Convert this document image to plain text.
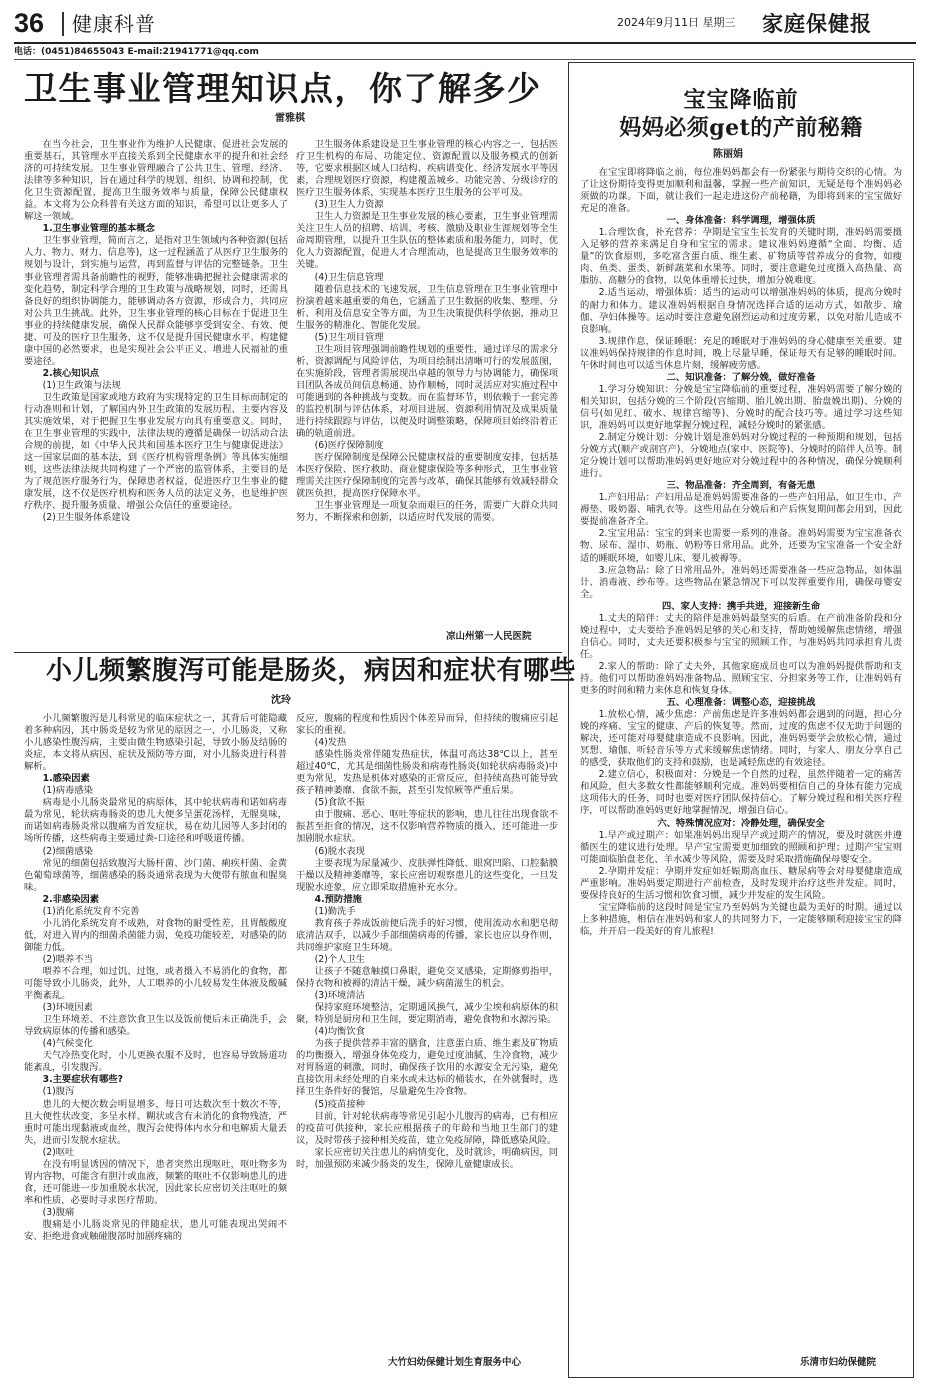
36 健康科普	2024年9月11日 星期三 家庭保健报
电话：(0451)84655043 E-mail:21941771@qq.com
卫生事业管理知识点，你了解多少
雷雅棋

在当今社会，卫生事业作为维护人民健康、促进社会发展的重要基石，其管理水平直接关系到全民健康水平的提升和社会经济的可持续发展。卫生事业管理融合了公共卫生、管理、经济、法律等多种知识，旨在通过科学的规划、组织、协调和控制，优化卫生资源配置，提高卫生服务效率与质量，保障公民健康权益。本文将为公众科普有关这方面的知识，希望可以让更多人了解这一领域。

1.卫生事业管理的基本概念

卫生事业管理，简而言之，是指对卫生领域内各种资源(包括人力、物力、财力、信息等)，这一过程涵盖了从医疗卫生服务的规划与设计，到实施与运营，再到监督与评估的完整链条。卫生事业管理者需具备前瞻性的视野，能够准确把握社会健康需求的变化趋势，制定科学合理的卫生政策与战略规划，同时，还需具备良好的组织协调能力，能够调动各方资源，形成合力，共同应对公共卫生挑战。此外，卫生事业管理的核心目标在于促进卫生事业的持续健康发展，确保人民群众能够享受到安全、有效、便捷、可及的医疗卫生服务，这不仅是提升国民健康水平、构建健康中国的必然要求，也是实现社会公平正义、增进人民福祉的重要途径。

2.核心知识点

(1)卫生政策与法规

卫生政策是国家或地方政府为实现特定的卫生目标而制定的行动准则和计划，了解国内外卫生政策的发展历程、主要内容及其实施效果，对于把握卫生事业发展方向具有重要意义。同时，在卫生事业管理的实践中，法律法规的遵循是确保一切活动合法合规的前提，如《中华人民共和国基本医疗卫生与健康促进法》这一国家层面的基本法，到《医疗机构管理条例》等具体实施细则，这些法律法规共同构建了一个严密的监管体系，主要目的是为了规范医疗服务行为，保障患者权益，促进医疗卫生事业的健康发展，这不仅是医疗机构和医务人员的法定义务，也是维护医疗秩序、提升服务质量、增强公众信任的重要途径。

(2)卫生服务体系建设

卫生服务体系建设是卫生事业管理的核心内容之一，包括医疗卫生机构的布局、功能定位、资源配置以及服务模式的创新等，它要求根据区域人口结构、疾病谱变化、经济发展水平等因素，合理规划医疗资源，构建覆盖城乡、功能完善、分级诊疗的医疗卫生服务体系，实现基本医疗卫生服务的公平可及。

(3)卫生人力资源

卫生人力资源是卫生事业发展的核心要素，卫生事业管理需关注卫生人员的招聘、培训、考核、激励及职业生涯规划等全生命周期管理，以提升卫生队伍的整体素质和服务能力，同时，优化人力资源配置，促进人才合理流动，也是提高卫生服务效率的关键。

(4)卫生信息管理

随着信息技术的飞速发展，卫生信息管理在卫生事业管理中扮演着越来越重要的角色，它涵盖了卫生数据的收集、整理、分析、利用及信息安全等方面，为卫生决策提供科学依据，推动卫生服务的精准化、智能化发展。

(5)卫生项目管理

卫生项目管理强调前瞻性规划的重要性，通过详尽的需求分析、资源调配与风险评估，为项目绘制出清晰可行的发展蓝图，在实施阶段，管理者需展现出卓越的领导力与协调能力，确保项目团队各成员间信息畅通、协作顺畅，同时灵活应对实施过程中可能遇到的各种挑战与变数。而在监督环节，则依赖于一套完善的监控机制与评估体系，对项目进展、资源利用情况及成果质量进行持续跟踪与评估，以便及时调整策略，保障项目始终沿着正确的轨道前进。

(6)医疗保障制度

医疗保障制度是保障公民健康权益的重要制度安排，包括基本医疗保险、医疗救助、商业健康保险等多种形式，卫生事业管理需关注医疗保障制度的完善与改革，确保其能够有效减轻群众就医负担，提高医疗保障水平。

卫生事业管理是一项复杂而艰巨的任务，需要广大群众共同努力，不断探索和创新，以适应时代发展的需要。

凉山州第一人民医院
小儿频繁腹泻可能是肠炎，病因和症状有哪些
沈玲

小儿频繁腹泻是儿科常见的临床症状之一，其背后可能隐藏着多种病因，其中肠炎是较为常见的原因之一，小儿肠炎，又称小儿感染性腹泻病，主要由微生物感染引起，导致小肠及结肠的炎症，本文将从病因、症状及预防等方面，对小儿肠炎进行科普解析。

1.感染因素

(1)病毒感染

病毒是小儿肠炎最常见的病原体，其中轮状病毒和诺如病毒最为常见，轮状病毒肠炎的患儿大便多呈蛋花汤样，无腥臭味，而诺如病毒肠炎常以腹痛为首发症状，易在幼儿园等人多封闭的场所传播，这些病毒主要通过粪-口途径和呼吸道传播。

(2)细菌感染

常见的细菌包括致腹泻大肠杆菌、沙门菌、痢疾杆菌、金黄色葡萄球菌等，细菌感染的肠炎通常表现为大便带有脓血和腥臭味。

2.非感染因素

(1)消化系统发育不完善

小儿消化系统发育不成熟，对食物的耐受性差，且胃酸酸度低，对进入胃内的细菌杀菌能力弱，免疫功能较差，对感染的防御能力低。

(2)喂养不当

喂养不合理，如过饥、过饱，或者摄入不易消化的食物，都可能导致小儿肠炎，此外，人工喂养的小儿较易发生体液及酸碱平衡紊乱。

(3)环境因素

卫生环境差、不注意饮食卫生以及饭前便后未正确洗手，会导致病原体的传播和感染。

(4)气候变化

天气冷热变化时，小儿更换衣服不及时，也容易导致肠道功能紊乱，引发腹泻。

3.主要症状有哪些?

(1)腹泻

患儿的大便次数会明显增多，每日可达数次至十数次不等，且大便性状改变，多呈水样、糊状或含有未消化的食物残渣，严重时可能出现黏液或血丝，腹泻会使得体内水分和电解质大量丢失，进而引发脱水症状。

(2)呕吐

在没有明显诱因的情况下，患者突然出现呕吐，呕吐物多为胃内容物，可能含有胆汁或血液，频繁的呕吐不仅影响患儿的进食，还可能进一步加重脱水状况，因此家长应密切关注呕吐的频率和性质，必要时寻求医疗帮助。

(3)腹痛

腹痛是小儿肠炎常见的伴随症状，患儿可能表现出哭闹不安、拒绝进食或触碰腹部时加剧疼痛的

反应，腹痛的程度和性质因个体差异而异，但持续的腹痛应引起家长的重视。

(4)发热

感染性肠炎常伴随发热症状，体温可高达38℃以上，甚至超过40℃，尤其是细菌性肠炎和病毒性肠炎(如轮状病毒肠炎)中更为常见，发热是机体对感染的正常反应，但持续高热可能导致孩子精神萎靡、食欲不振，甚至引发惊厥等严重后果。

(5)食欲不振

由于腹痛、恶心、呕吐等症状的影响，患儿往往出现食欲不振甚至拒食的情况，这不仅影响营养物质的摄入，还可能进一步加剧脱水症状。

(6)脱水表现

主要表现为尿量减少、皮肤弹性降低、眼窝凹陷、口腔黏膜干燥以及精神萎靡等，家长应密切观察患儿的这些变化，一旦发现脱水迹象，应立即采取措施补充水分。

4.预防措施

(1)勤洗手

教育孩子养成饭前便后洗手的好习惯，使用流动水和肥皂彻底清洁双手，以减少手部细菌病毒的传播，家长也应以身作则，共同维护家庭卫生环境。

(2)个人卫生

让孩子不随意触摸口鼻眼，避免交叉感染，定期修剪指甲，保持衣物和被褥的清洁干燥，减少病菌滋生的机会。

(3)环境清洁

保持家庭环境整洁，定期通风换气，减少尘埃和病原体的积聚，特别是厨房和卫生间，要定期消毒，避免食物和水源污染。

(4)均衡饮食

为孩子提供营养丰富的膳食，注意蛋白质、维生素及矿物质的均衡摄入，增强身体免疫力，避免过度油腻、生冷食物，减少对胃肠道的刺激，同时，确保孩子饮用的水源安全无污染，避免直接饮用未经处理的自来水或未达标的桶装水，在外就餐时，选择卫生条件好的餐馆，尽量避免生冷食物。

(5)疫苗接种

目前，针对轮状病毒等常见引起小儿腹泻的病毒，已有相应的疫苗可供接种，家长应根据孩子的年龄和当地卫生部门的建议，及时带孩子接种相关疫苗，建立免疫屏障，降低感染风险。

家长应密切关注患儿的病情变化，及时就诊，明确病因，同时，加强预防来减少肠炎的发生，保障儿童健康成长。

大竹妇幼保健计划生育服务中心
宝宝降临前
妈妈必须get的产前秘籍
陈丽娟

在宝宝即将降临之前，每位准妈妈都会有一份紧张与期待交织的心情。为了让这份期待变得更加顺利和温馨，掌握一些产前知识，无疑是每个准妈妈必须做的功课。下面，就让我们一起走进这份产前秘籍，为即将到来的宝宝做好充足的准备。

一、身体准备：科学调理，增强体质

1.合理饮食，补充营养：孕期是宝宝生长发育的关键时期，准妈妈需要摄入足够的营养来满足自身和宝宝的需求。建议准妈妈遵循“全面、均衡、适量”的饮食原则，多吃富含蛋白质、维生素、矿物质等营养成分的食物，如瘦肉、鱼类、蛋类、新鲜蔬菜和水果等。同时，要注意避免过度摄入高热量、高脂肪、高糖分的食物，以免体重增长过快，增加分娩难度。

2.适当运动，增强体质：适当的运动可以增强准妈妈的体质，提高分娩时的耐力和体力。建议准妈妈根据自身情况选择合适的运动方式，如散步、瑜伽、孕妇体操等。运动时要注意避免剧烈运动和过度劳累，以免对胎儿造成不良影响。

3.规律作息，保证睡眠：充足的睡眠对于准妈妈的身心健康至关重要。建议准妈妈保持规律的作息时间，晚上尽量早睡，保证每天有足够的睡眠时间。午休时间也可以适当休息片刻，缓解疲劳感。

二、知识准备：了解分娩，做好准备

1.学习分娩知识：分娩是宝宝降临前的重要过程，准妈妈需要了解分娩的相关知识，包括分娩的三个阶段(宫缩期、胎儿娩出期、胎盘娩出期)、分娩的信号(如见红、破水、规律宫缩等)、分娩时的配合技巧等。通过学习这些知识，准妈妈可以更好地掌握分娩过程，减轻分娩时的紧张感。

2.制定分娩计划：分娩计划是准妈妈对分娩过程的一种预期和规划，包括分娩方式(顺产或剖宫产)、分娩地点(家中、医院等)、分娩时的陪伴人员等。制定分娩计划可以帮助准妈妈更好地应对分娩过程中的各种情况，确保分娩顺利进行。

三、物品准备：齐全周到，有备无患

1.产妇用品：产妇用品是准妈妈需要准备的一些产妇用品，如卫生巾、产褥垫、吸奶器、哺乳衣等。这些用品在分娩后和产后恢复期间都会用到，因此要提前准备齐全。

2.宝宝用品：宝宝的到来也需要一系列的准备。准妈妈需要为宝宝准备衣物、尿布、湿巾、奶瓶、奶粉等日常用品。此外，还要为宝宝准备一个安全舒适的睡眠环境，如婴儿床、婴儿被褥等。

3.应急物品：除了日常用品外，准妈妈还需要准备一些应急物品，如体温计、消毒液、纱布等。这些物品在紧急情况下可以发挥重要作用，确保母婴安全。

四、家人支持：携手共进，迎接新生命

1.丈夫的陪伴：丈夫的陪伴是准妈妈最坚实的后盾。在产前准备阶段和分娩过程中，丈夫要给予准妈妈足够的关心和支持，帮助她缓解焦虑情绪，增强自信心。同时，丈夫还要积极参与宝宝的照顾工作，与准妈妈共同承担育儿责任。

2.家人的帮助：除了丈夫外，其他家庭成员也可以为准妈妈提供帮助和支持。他们可以帮助准妈妈准备物品、照顾宝宝、分担家务等工作，让准妈妈有更多的时间和精力来休息和恢复身体。

五、心理准备：调整心态，迎接挑战

1.放松心情，减少焦虑：产前焦虑是许多准妈妈都会遇到的问题，担心分娩的疼痛、宝宝的健康、产后的恢复等。然而，过度的焦虑不仅无助于问题的解决，还可能对母婴健康造成不良影响。因此，准妈妈要学会放松心情，通过冥想、瑜伽、听轻音乐等方式来缓解焦虑情绪。同时，与家人、朋友分享自己的感受，获取他们的支持和鼓励，也是减轻焦虑的有效途径。

2.建立信心，积极面对：分娩是一个自然的过程，虽然伴随着一定的痛苦和风险，但大多数女性都能够顺利完成。准妈妈要相信自己的身体有能力完成这项伟大的任务，同时也要对医疗团队保持信心。了解分娩过程和相关医疗程序，可以帮助准妈妈更好地掌握情况，增强自信心。

六、特殊情况应对：冷静处理，确保安全

1.早产或过期产：如果准妈妈出现早产或过期产的情况，要及时就医并遵循医生的建议进行处理。早产宝宝需要更加细致的照顾和护理；过期产宝宝则可能面临胎盘老化、羊水减少等风险，需要及时采取措施确保母婴安全。

2.孕期并发症：孕期并发症如妊娠期高血压、糖尿病等会对母婴健康造成严重影响。准妈妈要定期进行产前检查，及时发现并治疗这些并发症。同时，要保持良好的生活习惯和饮食习惯，减少并发症的发生风险。

宝宝降临前的这段时间是宝宝乃至妈妈为关键也最为美好的时期。通过以上多种措施，相信在准妈妈和家人的共同努力下，一定能够顺利迎接宝宝的降临，并开启一段美好的育儿旅程!

乐清市妇幼保健院
